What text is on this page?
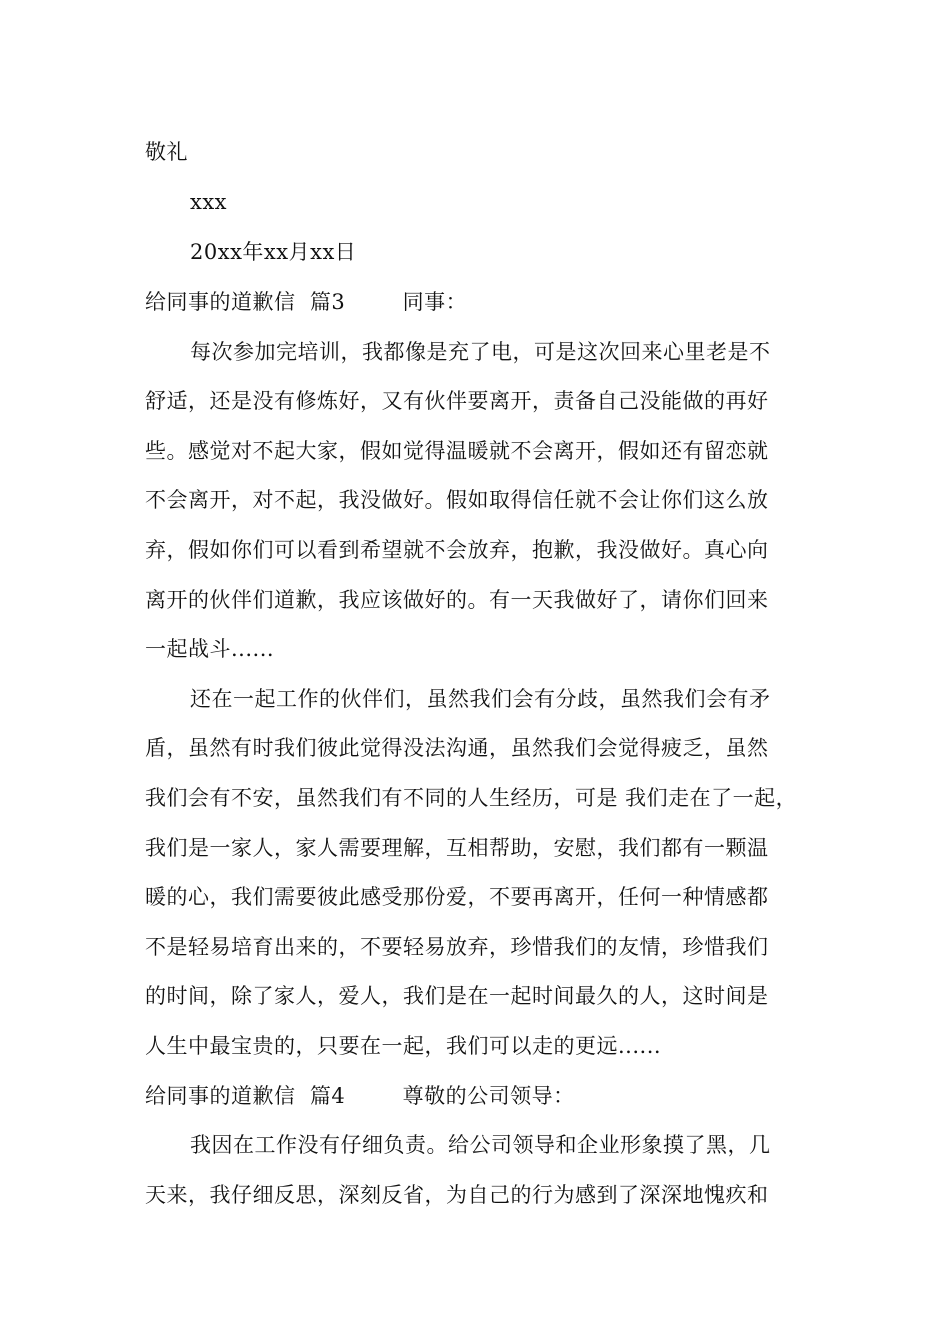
敬礼
xxx
20xx年xx月xx日
给同事的道歉信  篇3        同事：
每次参加完培训，我都像是充了电，可是这次回来心里老是不
舒适，还是没有修炼好，又有伙伴要离开，责备自己没能做的再好
些。感觉对不起大家，假如觉得温暖就不会离开，假如还有留恋就
不会离开，对不起，我没做好。假如取得信任就不会让你们这么放
弃，假如你们可以看到希望就不会放弃，抱歉，我没做好。真心向
离开的伙伴们道歉，我应该做好的。有一天我做好了，请你们回来
一起战斗......
还在一起工作的伙伴们，虽然我们会有分歧，虽然我们会有矛
盾，虽然有时我们彼此觉得没法沟通，虽然我们会觉得疲乏，虽然
我们会有不安，虽然我们有不同的人生经历，可是 我们走在了一起，
我们是一家人，家人需要理解，互相帮助，安慰，我们都有一颗温
暖的心，我们需要彼此感受那份爱，不要再离开，任何一种情感都
不是轻易培育出来的，不要轻易放弃，珍惜我们的友情，珍惜我们
的时间，除了家人，爱人，我们是在一起时间最久的人，这时间是
人生中最宝贵的，只要在一起，我们可以走的更远......
给同事的道歉信  篇4        尊敬的公司领导：
我因在工作没有仔细负责。给公司领导和企业形象摸了黑，几
天来，我仔细反思，深刻反省，为自己的行为感到了深深地愧疚和
